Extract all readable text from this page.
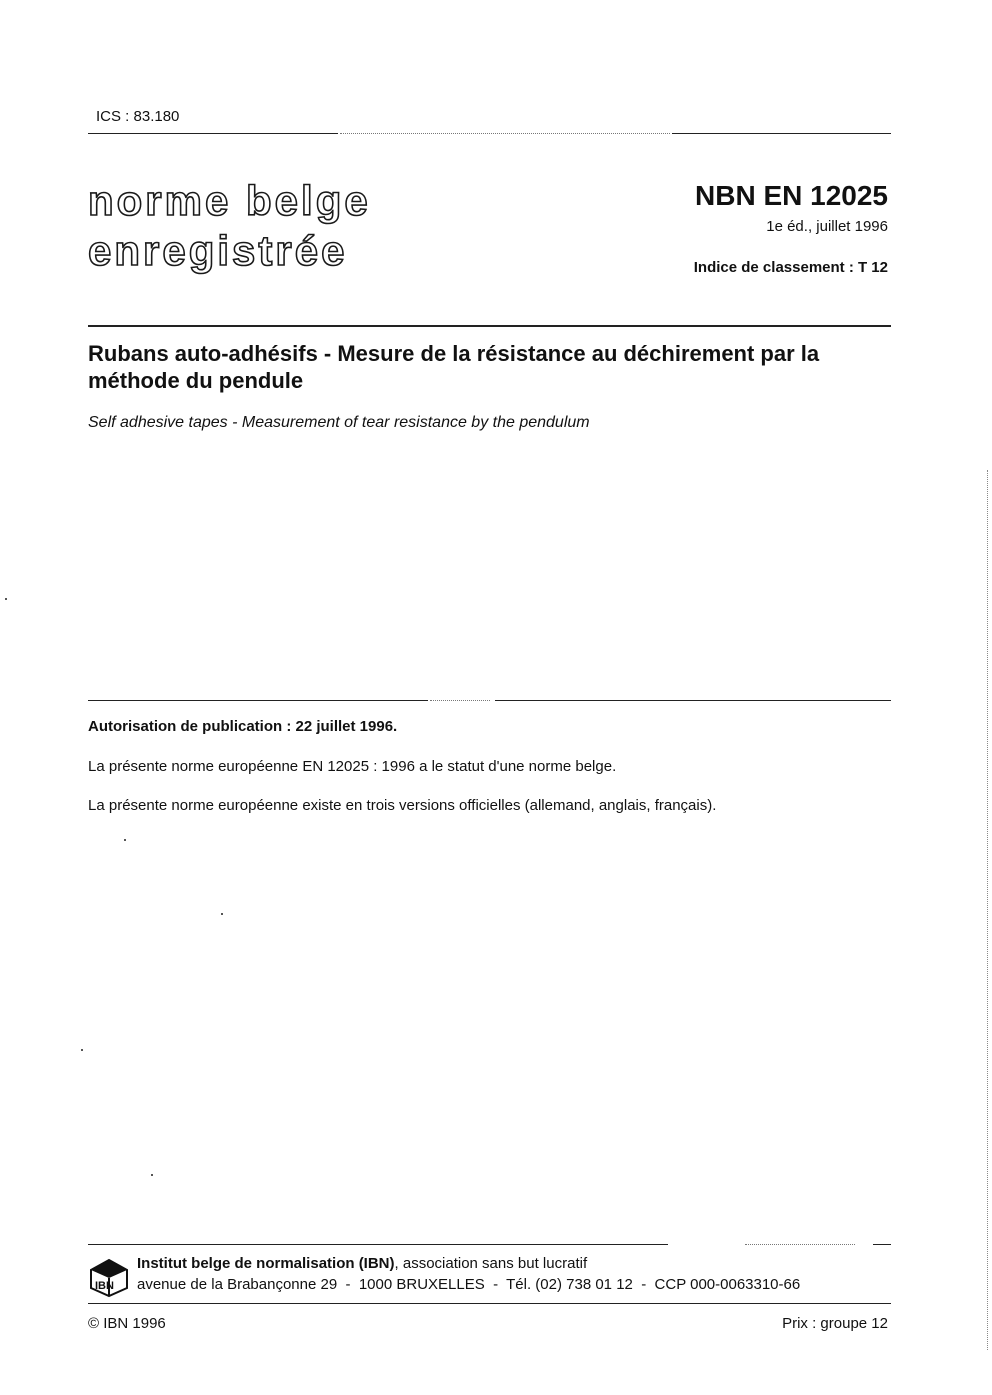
ICS : 83.180
norme belge
enregistrée
NBN EN 12025
1e éd., juillet 1996
Indice de classement : T 12
Rubans auto-adhésifs - Mesure de la résistance au déchirement par la méthode du pendule
Self adhesive tapes - Measurement of tear resistance by the pendulum
Autorisation de publication : 22 juillet 1996.
La présente norme européenne EN 12025 : 1996 a le statut d'une norme belge.
La présente norme européenne existe en trois versions officielles (allemand, anglais, français).
IBN
Institut belge de normalisation (IBN), association sans but lucratif
avenue de la Brabançonne 29  -  1000 BRUXELLES  -  Tél. (02) 738 01 12  -  CCP 000-0063310-66
© IBN 1996	Prix : groupe 12
